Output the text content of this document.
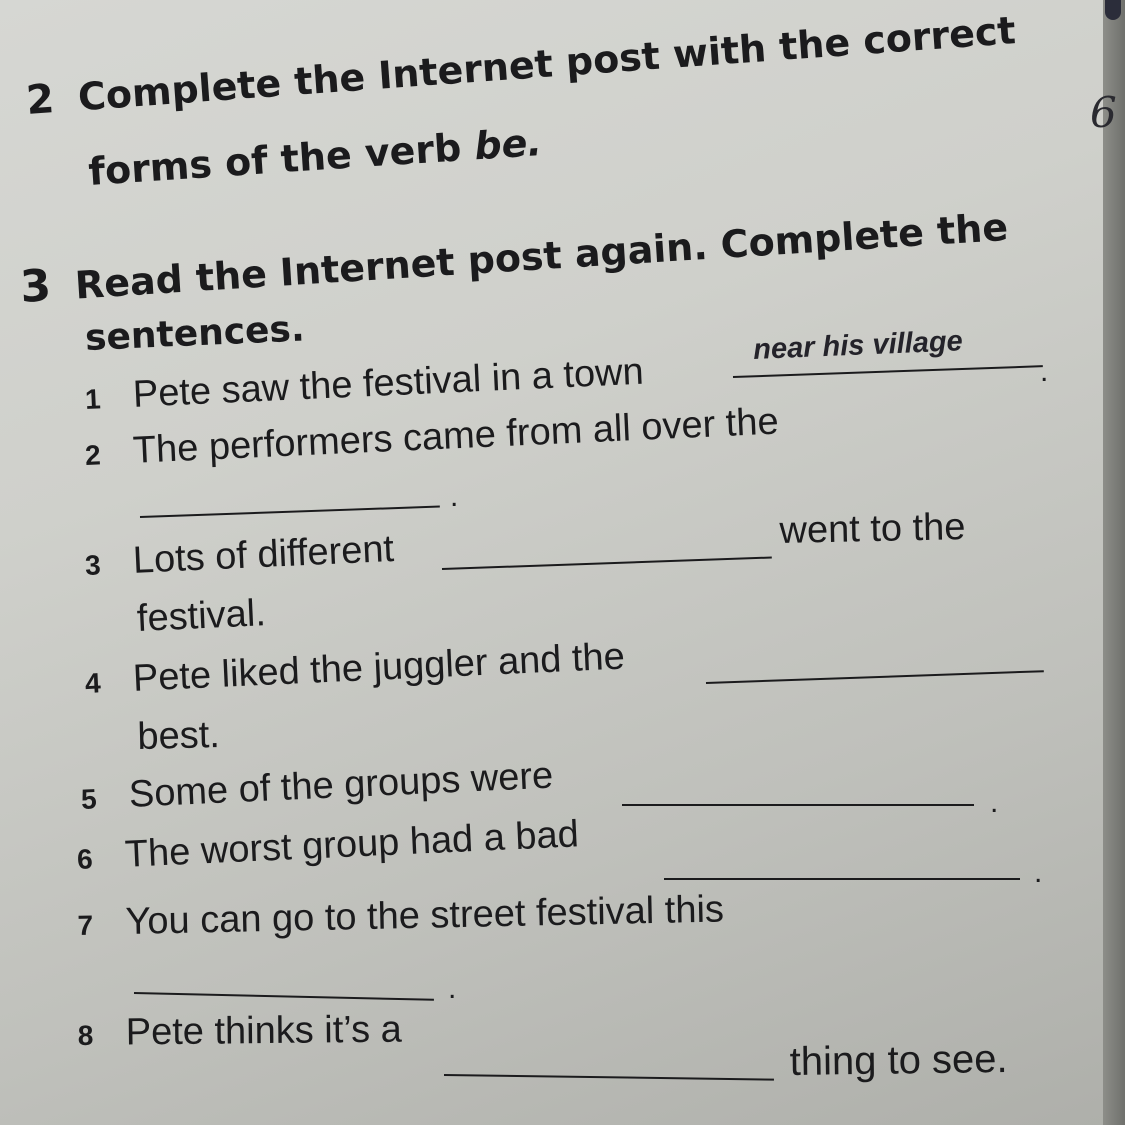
6
2 Complete the Internet post with the correct
forms of the verb be.
3 Read the Internet post again. Complete the
sentences.
1 Pete saw the festival in a town
near his village
.
2 The performers came from all over the
.
3 Lots of different	went to the
festival.
4 Pete liked the juggler and the
best.
5 Some of the groups were	.
6 The worst group had a bad	.
7 You can go to the street festival this
.
8 Pete thinks it’s a
thing to see.
